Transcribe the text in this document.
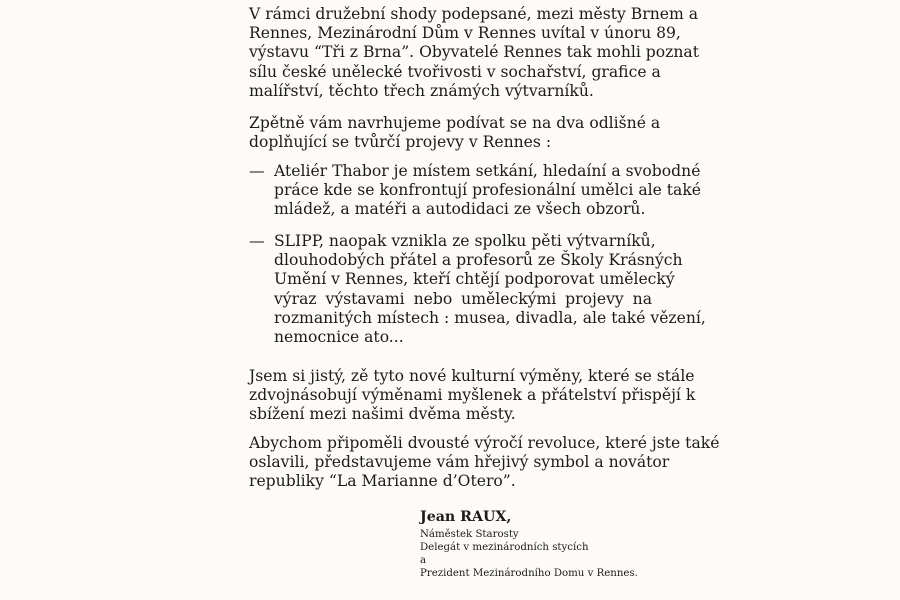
V rámci družební shody podepsané, mezi městy Brnem a
Rennes, Mezinárodní Dům v Rennes uvítal v únoru 89,
výstavu “Tři z Brna”. Obyvatelé Rennes tak mohli poznat
sílu české unělecké tvořivosti v sochařství, grafice a
malířství, těchto třech známých výtvarníků.
Zpětně vám navrhujeme podívat se na dva odlišné a
doplňující se tvůrčí projevy v Rennes :
— Ateliér Thabor je místem setkání, hledaíní a svobodné
práce kde se konfrontují profesionální umělci ale také
mládež, a matéři a autodidaci ze všech obzorů.
— SLIPP, naopak vznikla ze spolku pěti výtvarníků,
dlouhodobých přátel a profesorů ze Školy Krásných
Umění v Rennes, kteří chtějí podporovat umělecký
výraz výstavami nebo uměleckými projevy na
rozmanitých místech : musea, divadla, ale také vězení,
nemocnice ato...
Jsem si jistý, zě tyto nové kulturní výměny, které se stále
zdvojnásobují výměnami myšlenek a přátelství přispějí k
sbížení mezi našimi dvěma městy.
Abychom připoměli dvousté výročí revoluce, které jste také
oslavili, představujeme vám hřejivý symbol a novátor
republiky “La Marianne d’Otero”.
Jean RAUX,
Náměstek Starosty
Delegát v mezinárodních stycích
a
Prezident Mezinárodního Domu v Rennes.
